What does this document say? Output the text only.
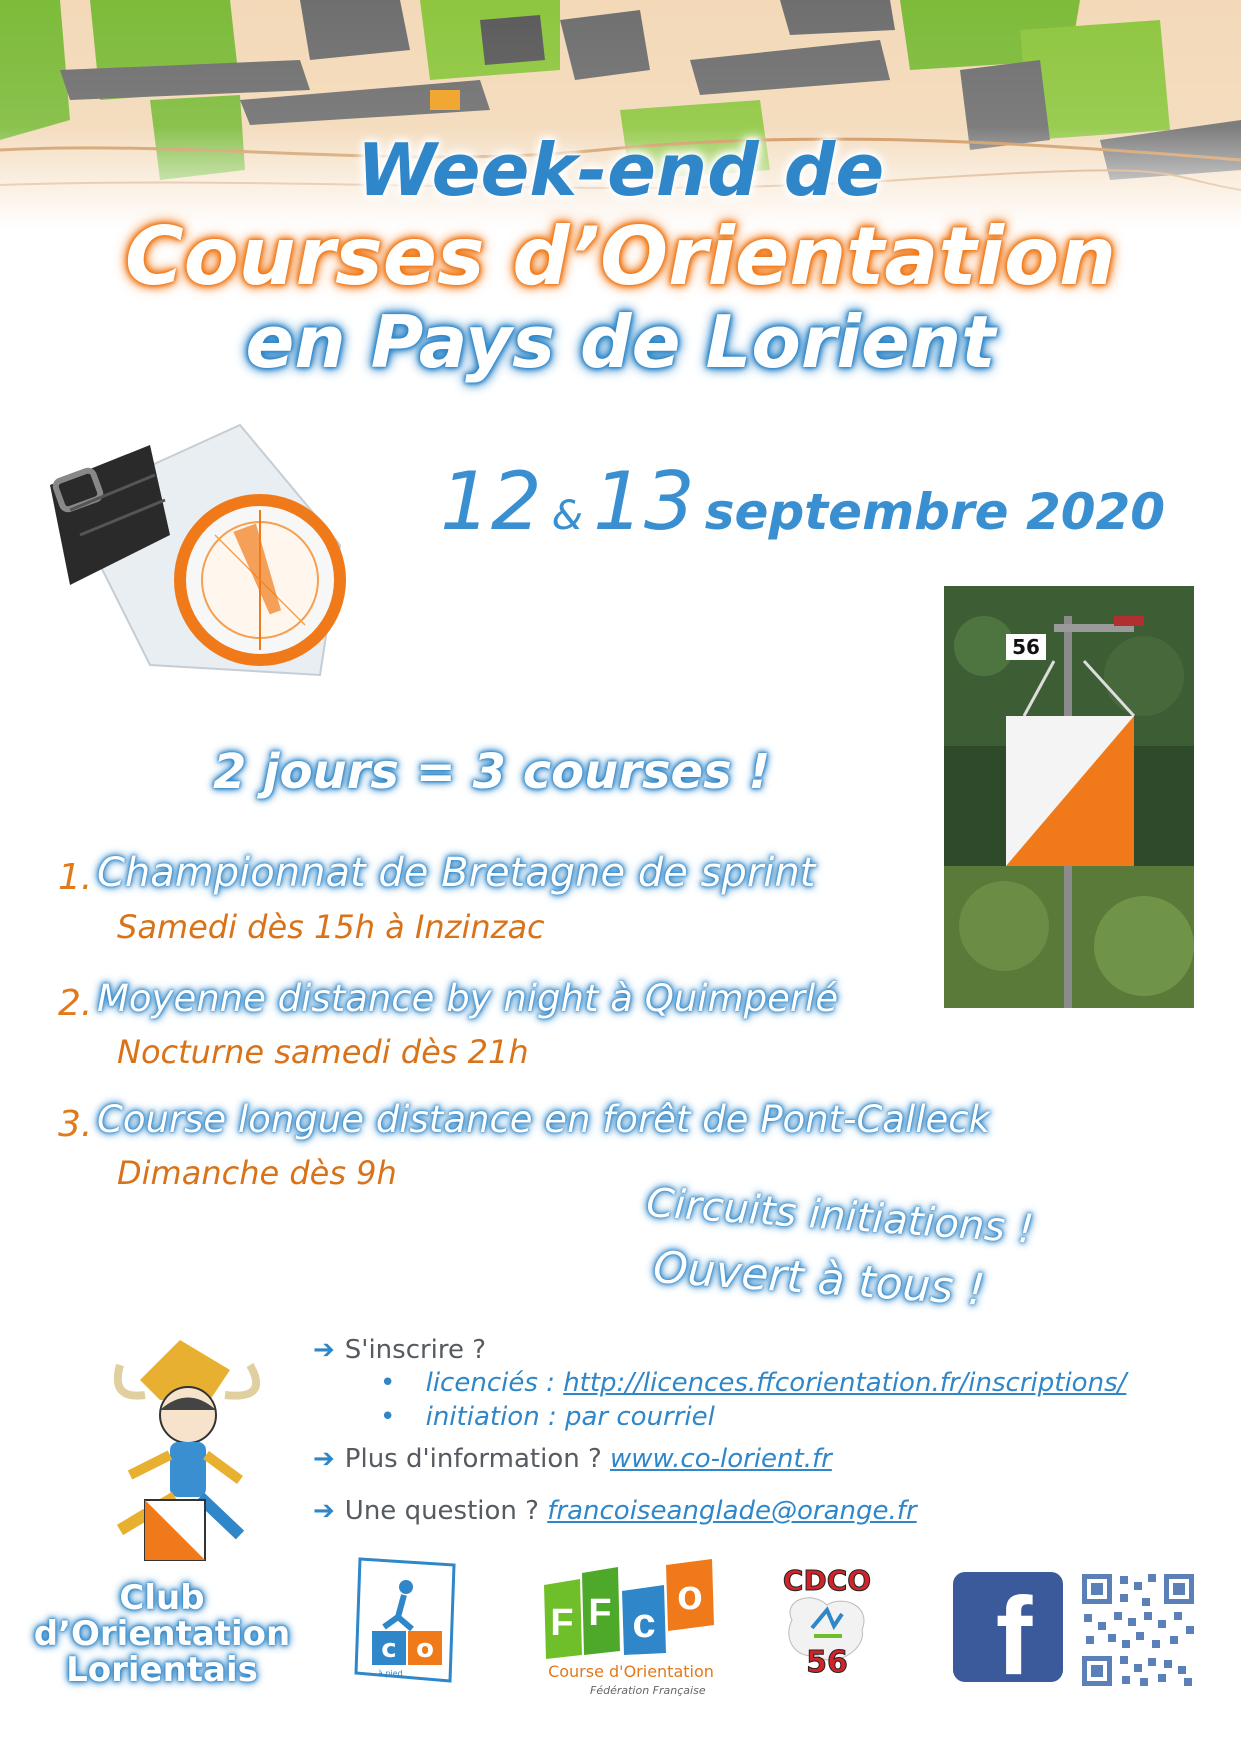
Week-end de
Courses d’Orientation
en Pays de Lorient
12 & 13 septembre 2020
56
2 jours = 3 courses !
1. Championnat de Bretagne de sprint
Samedi dès 15h à Inzinzac
2. Moyenne distance by night à Quimperlé
Nocturne samedi dès 21h
3. Course longue distance en forêt de Pont-Calleck
Dimanche dès 9h
Circuits initiations !
Ouvert à tous !
Club
d’Orientation
Lorientais
➔ S'inscrire ?
• licenciés : http://licences.ffcorientation.fr/inscriptions/
• initiation : par courriel
➔ Plus d'information ? www.co-lorient.fr
➔ Une question ? francoiseanglade@orange.fr
c o
à pied
F F c
o
Course d'Orientation
Fédération Française
CDCO
56	f
